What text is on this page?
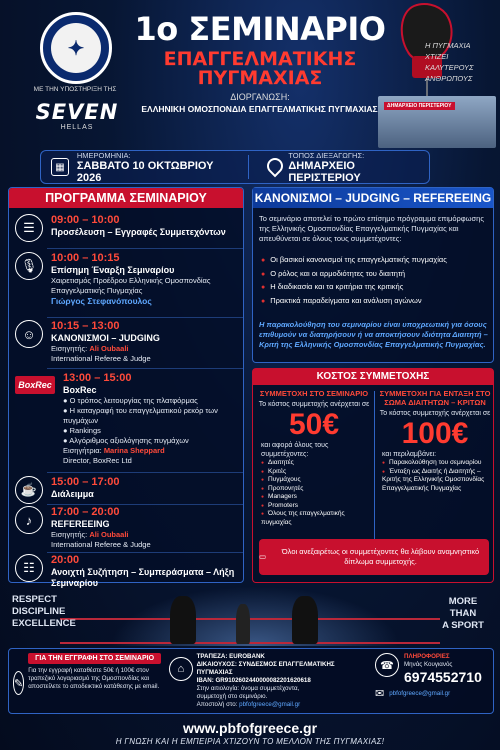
✦
ΜΕ ΤΗΝ ΥΠΟΣΤΗΡΙΞΗ ΤΗΣ
SEVEN
HELLAS
1ο ΣΕΜΙΝΑΡΙΟ
ΕΠΑΓΓΕΛΜΑΤΙΚΗΣ
ΠΥΓΜΑΧΙΑΣ
ΔΙΟΡΓΑΝΩΣΗ:
ΕΛΛΗΝΙΚΗ ΟΜΟΣΠΟΝΔΙΑ ΕΠΑΓΓΕΛΜΑΤΙΚΗΣ ΠΥΓΜΑΧΙΑΣ
Η ΠΥΓΜΑΧΙΑ ΧΤΙΖΕΙ ΚΑΛΥΤΕΡΟΥΣ ΑΝΘΡΩΠΟΥΣ
ΔΗΜΑΡΧΕΙΟ ΠΕΡΙΣΤΕΡΙΟΥ
▦
ΗΜΕΡΟΜΗΝΙΑ:
ΣΑΒΒΑΤΟ 10 ΟΚΤΩΒΡΙΟΥ 2026
ΤΟΠΟΣ ΔΙΕΞΑΓΩΓΗΣ:
ΔΗΜΑΡΧΕΙΟ ΠΕΡΙΣΤΕΡΙΟΥ
ΠΡΟΓΡΑΜΜΑ ΣΕΜΙΝΑΡΙΟΥ
☰	09:00 – 10:00
Προσέλευση – Εγγραφές Συμμετεχόντων
🎙	10:00 – 10:15
Επίσημη Έναρξη Σεμιναρίου
Χαιρετισμός Προέδρου Ελληνικής Ομοσπονδίας Επαγγελματικής Πυγμαχίας
Γιώργος Στεφανόπουλος
☺
10:15 – 13:00
ΚΑΝΟΝΙΣΜΟΙ – JUDGING
Εισηγητής: Ali Oubaali
International Referee & Judge
BoxRec
13:00 – 15:00
BoxRec
● Ο τρόπος λειτουργίας της πλατφόρμας
● Η καταγραφή του επαγγελματικού ρεκόρ των πυγμάχων
● Rankings
● Αλγόριθμος αξιολόγησης πυγμάχων
Εισηγήτρια: Marina Sheppard
Director, BoxRec Ltd
☕	15:00 – 17:00
Διάλειμμα
♪
17:00 – 20:00
REFEREEING
Εισηγητής: Ali Oubaali
International Referee & Judge
☷	20:00
Ανοιχτή Συζήτηση – Συμπεράσματα – Λήξη Σεμιναρίου
ΚΑΝΟΝΙΣΜΟΙ – JUDGING – REFEREEING
Το σεμινάριο αποτελεί το πρώτο επίσημο πρόγραμμα επιμόρφωσης της Ελληνικής Ομοσπονδίας Επαγγελματικής Πυγμαχίας και απευθύνεται σε όλους τους συμμετέχοντες:
● Οι βασικοί κανονισμοί της επαγγελματικής πυγμαχίας
● Ο ρόλος και οι αρμοδιότητες του διαιτητή
● Η διαδικασία και τα κριτήρια της κριτικής
● Πρακτικά παραδείγματα και ανάλυση αγώνων
Η παρακολούθηση του σεμιναρίου είναι υποχρεωτική για όσους επιθυμούν να διατηρήσουν ή να αποκτήσουν ιδιότητα Διαιτητή – Κριτή της Ελληνικής Ομοσπονδίας Επαγγελματικής Πυγμαχίας.
ΚΟΣΤΟΣ ΣΥΜΜΕΤΟΧΗΣ
ΣΥΜΜΕΤΟΧΗ ΣΤΟ ΣΕΜΙΝΑΡΙΟ
Το κόστος συμμετοχής ανέρχεται σε
50€
και αφορά όλους τους συμμετέχοντες:
● Διαιτητές
● Κριτές
● Πυγμάχους
● Προπονητές
● Managers
● Promoters
● Όλους της επαγγελματικής πυγμαχίας
ΣΥΜΜΕΤΟΧΗ ΓΙΑ ΕΝΤΑΞΗ ΣΤΟ ΣΩΜΑ ΔΙΑΙΤΗΤΩΝ – ΚΡΙΤΩΝ
Το κόστος συμμετοχής ανέρχεται σε
100€
και περιλαμβάνει:
● Παρακολούθηση του σεμιναρίου
● Ένταξη ως Διαιτής ή Διαιτητής – Κριτής της Ελληνικής Ομοσπονδίας Επαγγελματικής Πυγμαχίας
▭
Όλοι ανεξαιρέτως οι συμμετέχοντες θα λάβουν αναμνηστικό δίπλωμα συμμετοχής.
RESPECT
DISCIPLINE
EXCELLENCE
MORE
THAN
A SPORT
✎
ΓΙΑ ΤΗΝ ΕΓΓΡΑΦΗ ΣΤΟ ΣΕΜΙΝΑΡΙΟ
Για την εγγραφή καταθέστε 50€ ή 100€ στον τραπεζικό λογαριασμό της Ομοσπονδίας και αποστείλετε το αποδεικτικό κατάθεσης με email.
⌂
ΤΡΑΠΕΖΑ: EUROBANK
ΔΙΚΑΙΟΥΧΟΣ: ΣΥΝΔΕΣΜΟΣ ΕΠΑΓΓΕΛΜΑΤΙΚΗΣ ΠΥΓΜΑΧΙΑΣ
IBAN: GR9102602440000082201620618
Στην αιτιολογία: όνομα συμμετέχοντα,
συμμετοχή στο σεμινάριο.
Αποστολή στο: pbfofgreece@gmail.gr
☎
ΠΛΗΡΟΦΟΡΙΕΣ
Μηνάς Κουγιανός
6974552710
✉ pbfofgreece@gmail.gr
www.pbfofgreece.gr
Η ΓΝΩΣΗ ΚΑΙ Η ΕΜΠΕΙΡΙΑ ΧΤΙΖΟΥΝ ΤΟ ΜΕΛΛΟΝ ΤΗΣ ΠΥΓΜΑΧΙΑΣ!
